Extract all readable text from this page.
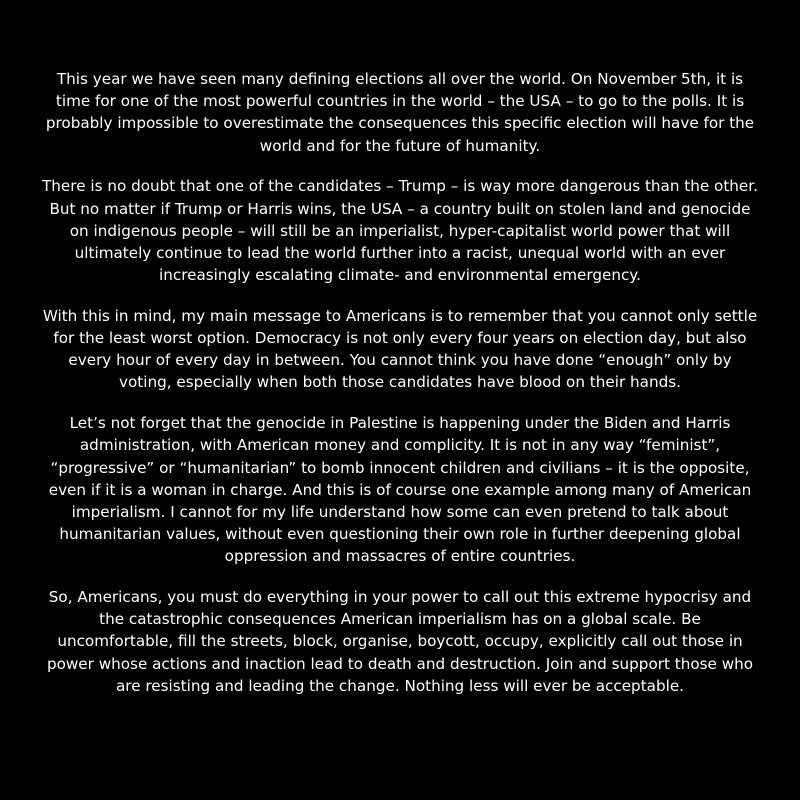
This year we have seen many defining elections all over the world. On November 5th, it is time for one of the most powerful countries in the world – the USA – to go to the polls. It is probably impossible to overestimate the consequences this specific election will have for the world and for the future of humanity.

There is no doubt that one of the candidates – Trump – is way more dangerous than the other. But no matter if Trump or Harris wins, the USA – a country built on stolen land and genocide on indigenous people – will still be an imperialist, hyper-capitalist world power that will ultimately continue to lead the world further into a racist, unequal world with an ever increasingly escalating climate- and environmental emergency.

With this in mind, my main message to Americans is to remember that you cannot only settle for the least worst option. Democracy is not only every four years on election day, but also every hour of every day in between. You cannot think you have done “enough” only by voting, especially when both those candidates have blood on their hands.

Let’s not forget that the genocide in Palestine is happening under the Biden and Harris administration, with American money and complicity. It is not in any way “feminist”, “progressive” or “humanitarian” to bomb innocent children and civilians – it is the opposite, even if it is a woman in charge. And this is of course one example among many of American imperialism. I cannot for my life understand how some can even pretend to talk about humanitarian values, without even questioning their own role in further deepening global oppression and massacres of entire countries.

So, Americans, you must do everything in your power to call out this extreme hypocrisy and the catastrophic consequences American imperialism has on a global scale. Be uncomfortable, fill the streets, block, organise, boycott, occupy, explicitly call out those in power whose actions and inaction lead to death and destruction. Join and support those who are resisting and leading the change. Nothing less will ever be acceptable.
